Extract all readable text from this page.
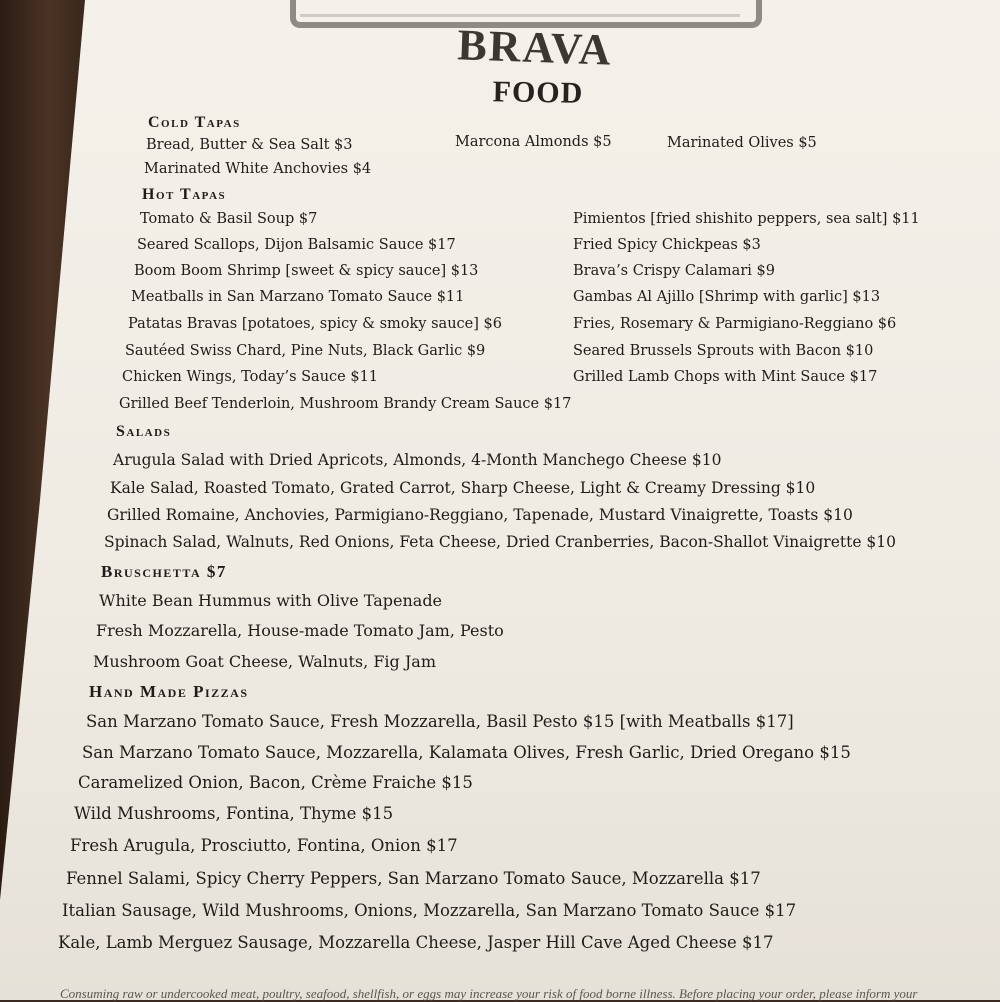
BRAVA
FOOD
Cold Tapas
Bread, Butter & Sea Salt $3	Marcona Almonds $5	Marinated Olives $5
Marinated White Anchovies $4
Hot Tapas
Tomato & Basil Soup $7
Seared Scallops, Dijon Balsamic Sauce $17
Boom Boom Shrimp [sweet & spicy sauce] $13
Meatballs in San Marzano Tomato Sauce $11
Patatas Bravas [potatoes, spicy & smoky sauce] $6
Sautéed Swiss Chard, Pine Nuts, Black Garlic $9
Chicken Wings, Today’s Sauce $11
Grilled Beef Tenderloin, Mushroom Brandy Cream Sauce $17
Pimientos [fried shishito peppers, sea salt] $11
Fried Spicy Chickpeas $3
Brava’s Crispy Calamari $9
Gambas Al Ajillo [Shrimp with garlic] $13
Fries, Rosemary & Parmigiano-Reggiano $6
Seared Brussels Sprouts with Bacon $10
Grilled Lamb Chops with Mint Sauce $17
Salads
Arugula Salad with Dried Apricots, Almonds, 4-Month Manchego Cheese $10
Kale Salad, Roasted Tomato, Grated Carrot, Sharp Cheese, Light & Creamy Dressing $10
Grilled Romaine, Anchovies, Parmigiano-Reggiano, Tapenade, Mustard Vinaigrette, Toasts $10
Spinach Salad, Walnuts, Red Onions, Feta Cheese, Dried Cranberries, Bacon-Shallot Vinaigrette $10
Bruschetta $7
White Bean Hummus with Olive Tapenade
Fresh Mozzarella, House-made Tomato Jam, Pesto
Mushroom Goat Cheese, Walnuts, Fig Jam
Hand Made Pizzas
San Marzano Tomato Sauce, Fresh Mozzarella, Basil Pesto $15 [with Meatballs $17]
San Marzano Tomato Sauce, Mozzarella, Kalamata Olives, Fresh Garlic, Dried Oregano $15
Caramelized Onion, Bacon, Crème Fraiche $15
Wild Mushrooms, Fontina, Thyme $15
Fresh Arugula, Prosciutto, Fontina, Onion $17
Fennel Salami, Spicy Cherry Peppers, San Marzano Tomato Sauce, Mozzarella $17
Italian Sausage, Wild Mushrooms, Onions, Mozzarella, San Marzano Tomato Sauce $17
Kale, Lamb Merguez Sausage, Mozzarella Cheese, Jasper Hill Cave Aged Cheese $17
Consuming raw or undercooked meat, poultry, seafood, shellfish, or eggs may increase your risk of food borne illness. Before placing your order, please inform your
